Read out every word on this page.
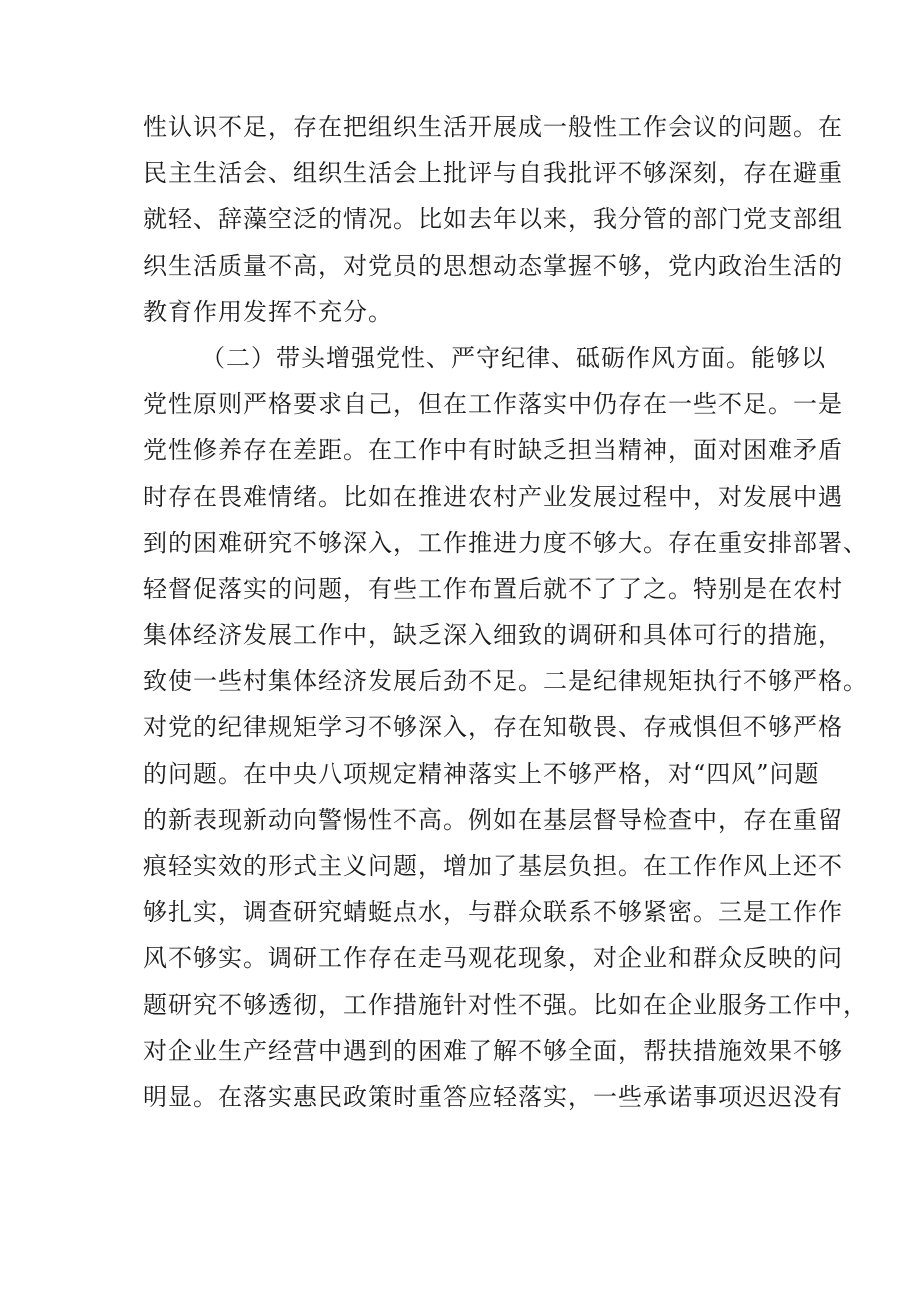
性认识不足，存在把组织生活开展成一般性工作会议的问题。在
民主生活会、组织生活会上批评与自我批评不够深刻，存在避重
就轻、辞藻空泛的情况。比如去年以来，我分管的部门党支部组
织生活质量不高，对党员的思想动态掌握不够，党内政治生活的
教育作用发挥不充分。
（二）带头增强党性、严守纪律、砥砺作风方面。能够以
党性原则严格要求自己，但在工作落实中仍存在一些不足。一是
党性修养存在差距。在工作中有时缺乏担当精神，面对困难矛盾
时存在畏难情绪。比如在推进农村产业发展过程中，对发展中遇
到的困难研究不够深入，工作推进力度不够大。存在重安排部署、
轻督促落实的问题，有些工作布置后就不了了之。特别是在农村
集体经济发展工作中，缺乏深入细致的调研和具体可行的措施，
致使一些村集体经济发展后劲不足。二是纪律规矩执行不够严格。
对党的纪律规矩学习不够深入，存在知敬畏、存戒惧但不够严格
的问题。在中央八项规定精神落实上不够严格，对“四风”问题
的新表现新动向警惕性不高。例如在基层督导检查中，存在重留
痕轻实效的形式主义问题，增加了基层负担。在工作作风上还不
够扎实，调查研究蜻蜓点水，与群众联系不够紧密。三是工作作
风不够实。调研工作存在走马观花现象，对企业和群众反映的问
题研究不够透彻，工作措施针对性不强。比如在企业服务工作中，
对企业生产经营中遇到的困难了解不够全面，帮扶措施效果不够
明显。在落实惠民政策时重答应轻落实，一些承诺事项迟迟没有
